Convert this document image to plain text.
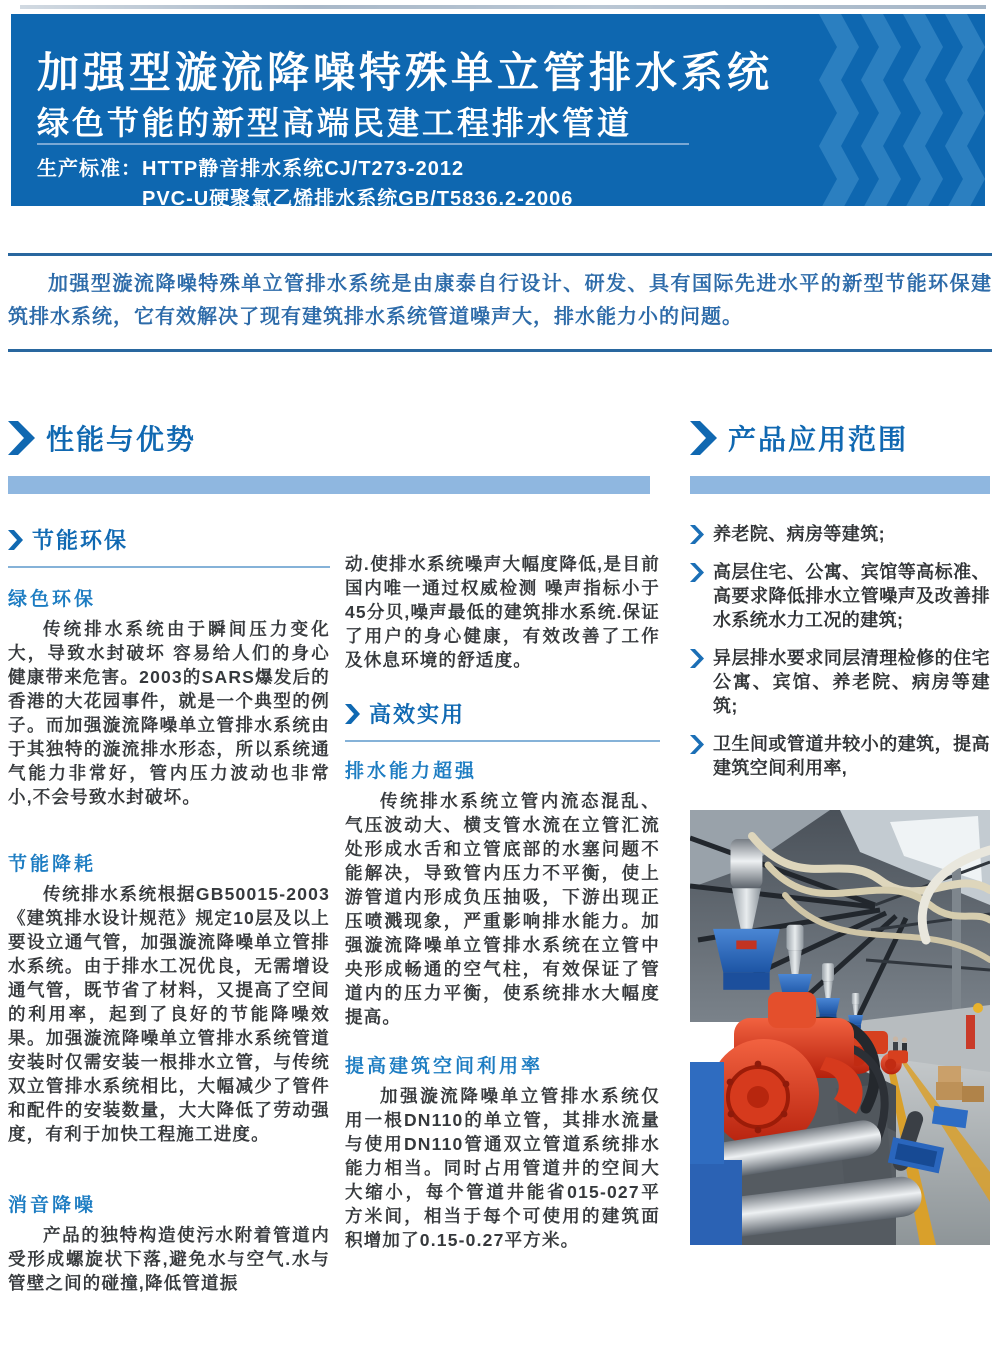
加强型漩流降噪特殊单立管排水系统
绿色节能的新型高端民建工程排水管道
生产标准： HTTP静音排水系统CJ/T273-2012
PVC-U硬聚氯乙烯排水系统GB/T5836.2-2006

加强型漩流降噪特殊单立管排水系统是由康泰自行设计、研发、具有国际先进水平的新型节能环保建筑排水系统，它有效解决了现有建筑排水系统管道噪声大，排水能力小的问题。

性能与优势
节能环保
绿色环保

传统排水系统由于瞬间压力变化大，导致水封破坏 容易给人们的身心健康带来危害。2003的SARS爆发后的香港的大花园事件，就是一个典型的例子。而加强漩流降噪单立管排水系统由于其独特的漩流排水形态，所以系统通气能力非常好，管内压力波动也非常小,不会号致水封破坏。

节能降耗

传统排水系统根据GB50015-2003《建筑排水设计规范》规定10层及以上要设立通气管，加强漩流降噪单立管排水系统。由于排水工况优良，无需增设通气管，既节省了材料，又提高了空间的利用率，起到了良好的节能降噪效果。加强漩流降噪单立管排水系统管道安装时仅需安装一根排水立管，与传统双立管排水系统相比，大幅减少了管件和配件的安装数量，大大降低了劳动强度，有利于加快工程施工进度。

消音降噪

产品的独特构造使污水附着管道内受形成螺旋状下落,避免水与空气.水与管壁之间的碰撞,降低管道振

动.使排水系统噪声大幅度降低,是目前国内唯一通过权威检测 噪声指标小于45分贝,噪声最低的建筑排水系统.保证了用户的身心健康，有效改善了工作及休息环境的舒适度。

高效实用
排水能力超强

传统排水系统立管内流态混乱、气压波动大、横支管水流在立管汇流处形成水舌和立管底部的水塞问题不能解决，导致管内压力不平衡，使上游管道内形成负压抽吸，下游出现正压喷溅现象，严重影响排水能力。加强漩流降噪单立管排水系统在立管中央形成畅通的空气柱，有效保证了管道内的压力平衡，使系统排水大幅度提高。

提高建筑空间利用率

加强漩流降噪单立管排水系统仅用一根DN110的单立管，其排水流量与使用DN110管通双立管道系统排水能力相当。同时占用管道井的空间大大缩小，每个管道井能省015-027平方米间，相当于每个可使用的建筑面积增加了0.15-0.27平方米。

产品应用范围
养老院、病房等建筑;
高层住宅、公寓、宾馆等高标准、高要求降低排水立管噪声及改善排水系统水力工况的建筑;
异层排水要求同层清理检修的住宅公寓、宾馆、养老院、病房等建筑;
卫生间或管道井较小的建筑，提高建筑空间利用率,
